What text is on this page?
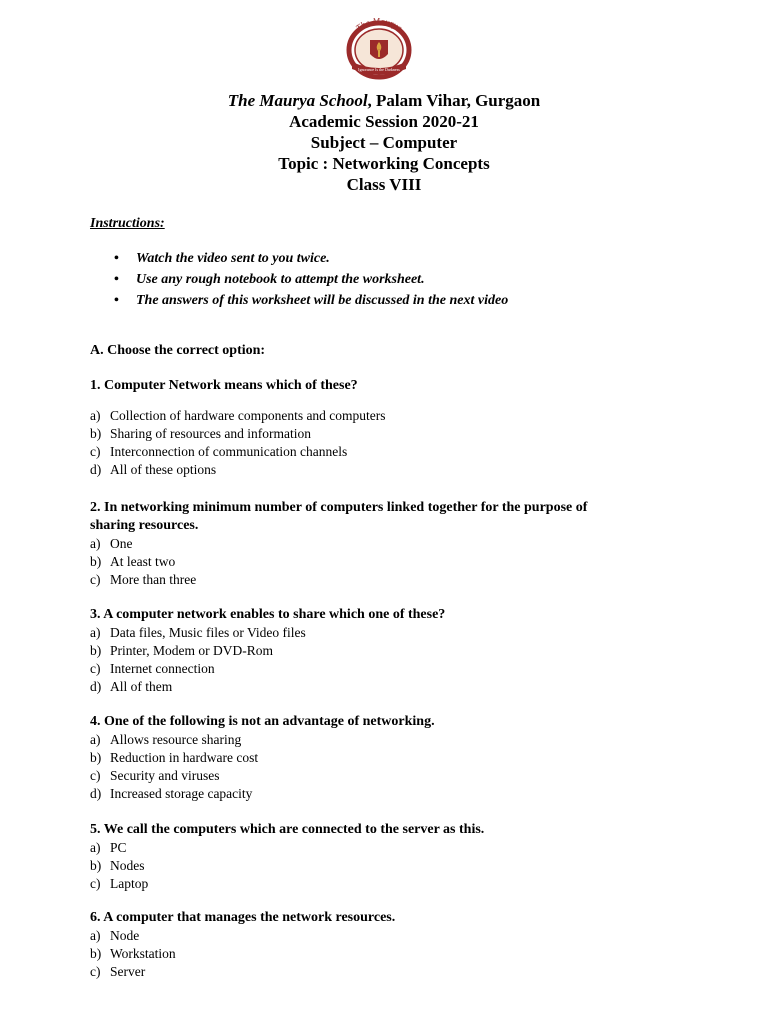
The Maurya
Ignorance Is the Darkness
The Maurya School, Palam Vihar, Gurgaon
Academic Session 2020-21
Subject – Computer
Topic : Networking Concepts
Class VIII
Instructions:
• Watch the video sent to you twice.
• Use any rough notebook to attempt the worksheet.
• The answers of this worksheet will be discussed in the next video
A. Choose the correct option:

1. Computer Network means which of these?

a) Collection of hardware components and computers
b) Sharing of resources and information
c) Interconnection of communication channels
d) All of these options

2. In networking minimum number of computers linked together for the purpose of sharing resources.

a) One
b) At least two
c) More than three

3. A computer network enables to share which one of these?

a) Data files, Music files or Video files
b) Printer, Modem or DVD-Rom
c) Internet connection
d) All of them

4. One of the following is not an advantage of networking.

a) Allows resource sharing
b) Reduction in hardware cost
c) Security and viruses
d) Increased storage capacity

5. We call the computers which are connected to the server as this.

a) PC
b) Nodes
c) Laptop

6. A computer that manages the network resources.

a) Node
b) Workstation
c) Server
